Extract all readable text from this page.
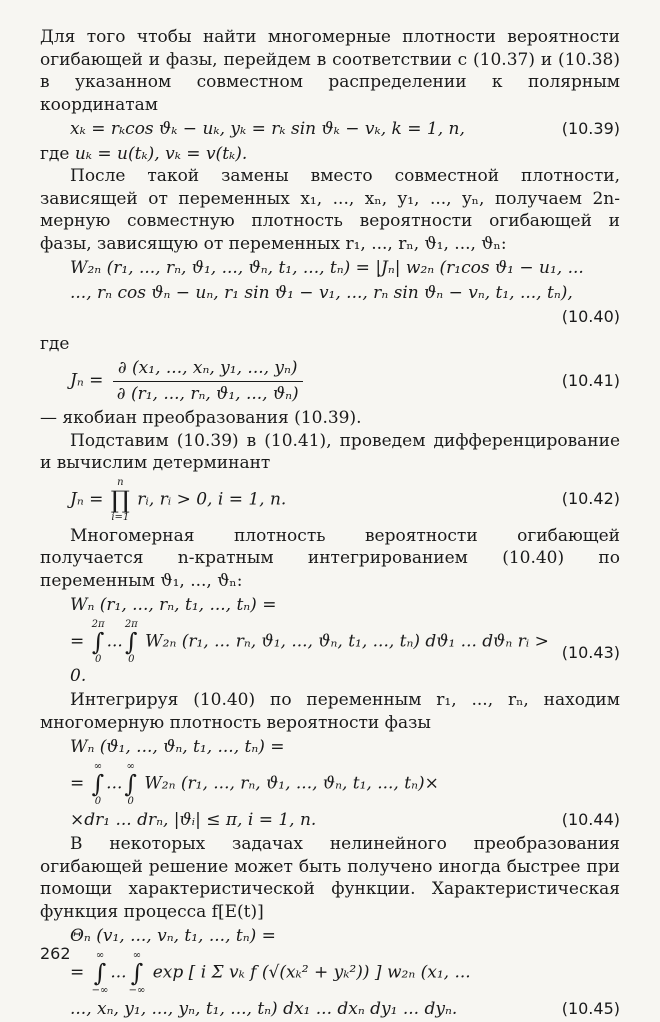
Для того чтобы найти многомерные плотности вероятности огибающей и фазы, перейдем в соответствии с (10.37) и (10.38) в указанном совместном распределении к полярным координатам

xₖ = rₖcos ϑₖ − uₖ, yₖ = rₖ sin ϑₖ − vₖ, k = 1, n,	(10.39)

где uₖ = u(tₖ), vₖ = v(tₖ).

После такой замены вместо совместной плотности, зависящей от переменных x₁, ..., xₙ, y₁, ..., yₙ, получаем 2n-мерную совместную плотность вероятности огибающей и фазы, зависящую от переменных r₁, ..., rₙ, ϑ₁, ..., ϑₙ:

W₂ₙ (r₁, ..., rₙ, ϑ₁, ..., ϑₙ, t₁, ..., tₙ) = |Jₙ| w₂ₙ (r₁cos ϑ₁ − u₁, ...
..., rₙ cos ϑₙ − uₙ, r₁ sin ϑ₁ − v₁, ..., rₙ sin ϑₙ − vₙ, t₁, ..., tₙ),
(10.40)

где

$J_n = \frac{\text{∂ (x₁, ..., xₙ, y₁, ..., yₙ)}}{\text{∂ (r₁, ..., rₙ, ϑ₁, ..., ϑₙ)}}$	(10.41)

— якобиан преобразования (10.39).

Подставим (10.39) в (10.41), проведем дифференцирование и вычислим детерминант

Jₙ =
n
∏
i=1
rᵢ, rᵢ > 0, i = 1, n.	(10.42)

Многомерная плотность вероятности огибающей получается n-кратным интегрированием (10.40) по переменным ϑ₁, ..., ϑₙ:

Wₙ (r₁, ..., rₙ, t₁, ..., tₙ) =
=
2π
∫
0
...
2π
∫
0
W₂ₙ (r₁, ... rₙ, ϑ₁, ..., ϑₙ, t₁, ..., tₙ) dϑ₁ ... dϑₙ rᵢ > 0.
(10.43)

Интегрируя (10.40) по переменным r₁, ..., rₙ, находим многомерную плотность вероятности фазы

Wₙ (ϑ₁, ..., ϑₙ, t₁, ..., tₙ) =
=
∞
∫
0
...
∞
∫
0
W₂ₙ (r₁, ..., rₙ, ϑ₁, ..., ϑₙ, t₁, ..., tₙ)×
×dr₁ ... drₙ, |ϑᵢ| ≤ π, i = 1, n.	(10.44)

В некоторых задачах нелинейного преобразования огибающей решение может быть получено иногда быстрее при помощи характеристической функции. Характеристическая функция процесса f[E(t)]

Θₙ (v₁, ..., vₙ, t₁, ..., tₙ) =
=
∞
∫
−∞
...
∞
∫
−∞
exp [ i Σ vₖ f (√(xₖ² + yₖ²)) ] w₂ₙ (x₁, ...
..., xₙ, y₁, ..., yₙ, t₁, ..., tₙ) dx₁ ... dxₙ dy₁ ... dyₙ.	(10.45)
262
